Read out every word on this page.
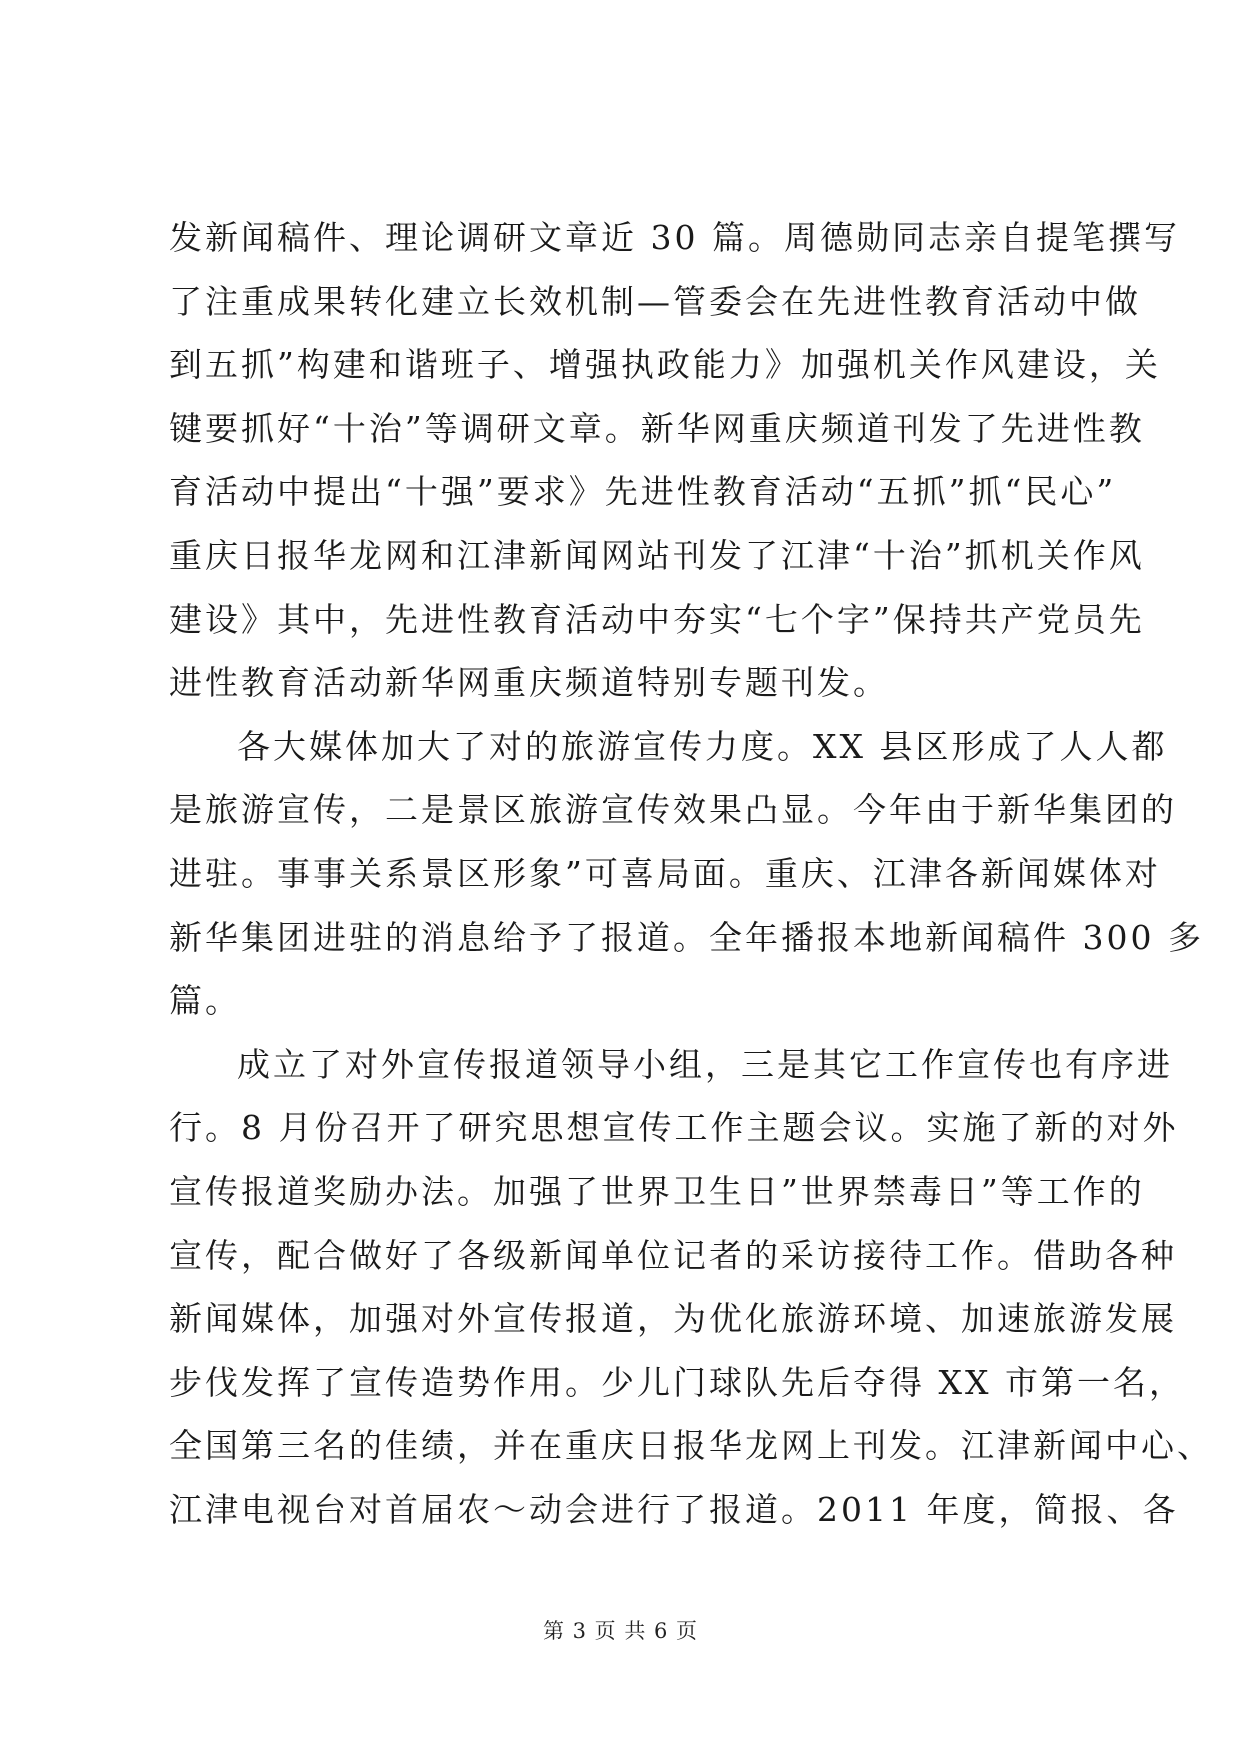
发新闻稿件、理论调研文章近 30 篇。周德勋同志亲自提笔撰写
了注重成果转化建立长效机制—管委会在先进性教育活动中做
到五抓”构建和谐班子、增强执政能力》加强机关作风建设，关
键要抓好“十治”等调研文章。新华网重庆频道刊发了先进性教
育活动中提出“十强”要求》先进性教育活动“五抓”抓“民心”
重庆日报华龙网和江津新闻网站刊发了江津“十治”抓机关作风
建设》其中，先进性教育活动中夯实“七个字”保持共产党员先
进性教育活动新华网重庆频道特别专题刊发。
各大媒体加大了对的旅游宣传力度。XX 县区形成了人人都
是旅游宣传，二是景区旅游宣传效果凸显。今年由于新华集团的
进驻。事事关系景区形象”可喜局面。重庆、江津各新闻媒体对
新华集团进驻的消息给予了报道。全年播报本地新闻稿件 300 多
篇。
成立了对外宣传报道领导小组，三是其它工作宣传也有序进
行。8 月份召开了研究思想宣传工作主题会议。实施了新的对外
宣传报道奖励办法。加强了世界卫生日”世界禁毒日”等工作的
宣传，配合做好了各级新闻单位记者的采访接待工作。借助各种
新闻媒体，加强对外宣传报道，为优化旅游环境、加速旅游发展
步伐发挥了宣传造势作用。少儿门球队先后夺得 XX 市第一名，
全国第三名的佳绩，并在重庆日报华龙网上刊发。江津新闻中心、
江津电视台对首届农～动会进行了报道。2011 年度，简报、各
第 3 页 共 6 页
